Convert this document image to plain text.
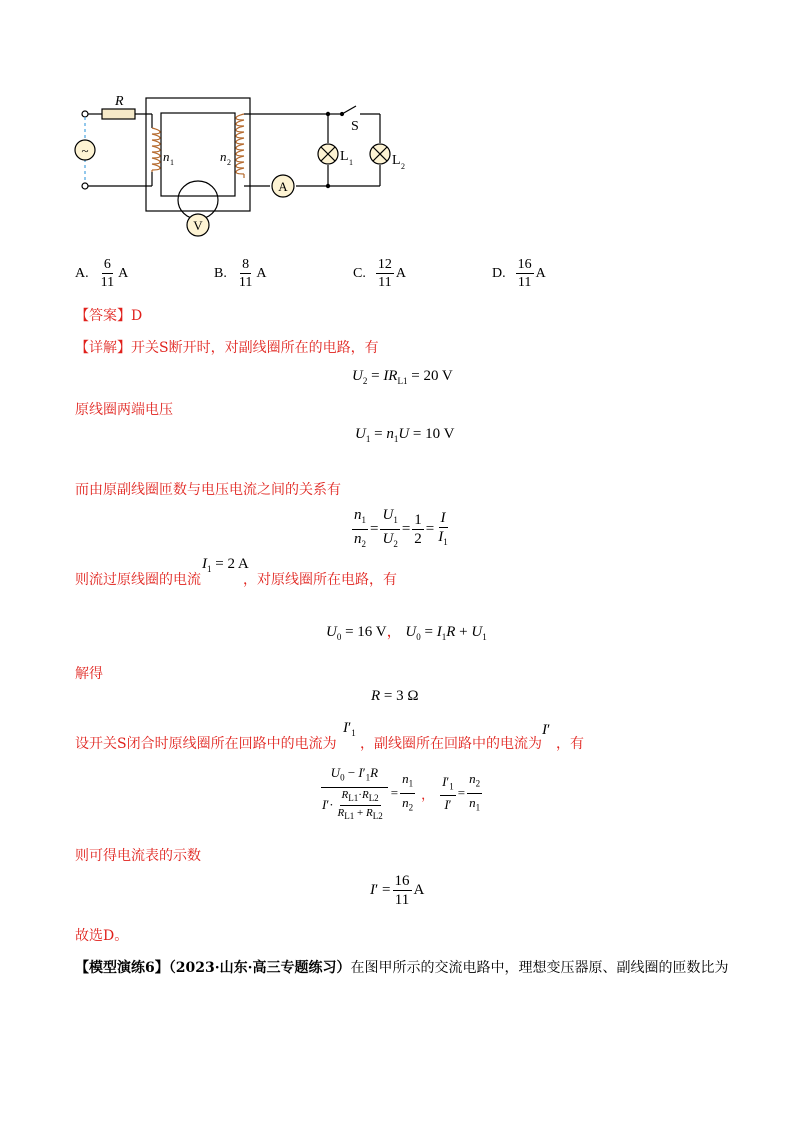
~
A
V
R
S
n 1	n 2	L 1	L 2
A. $\frac{6}{11}$ A	B. $\frac{8}{11}$ A	C. $\frac{12}{11}$ A	D. $\frac{16}{11}$ A
【答案】D
【详解】开关S断开时，对副线圈所在的电路，有
$U_2 = IR_{L1} = 20$ V
原线圈两端电压
$U_1 = n_1U = 10$ V
而由原副线圈匝数与电压电流之间的关系有
$\frac{n_1}{n_2} = \frac{U_1}{U_2} = \frac{1}{2} = \frac{I}{I_1}$
则流过原线圈的电流
$I_1 = 2$ A
，对原线圈所在电路，有
$U_0 = 16$ V， $U_0 = I_1R + U_1$
解得
R = 3 Ω
设开关S闭合时原线圈所在回路中的电流为
$I'_1$
，副线圈所在回路中的电流为
I′
，有
$\frac{U_0 - I'_1R}{I '\cdot \frac{R_{L1}\cdot R_{L2}}{R_{L1} + R_{L2}}} = \frac{n_1}{n_2}$ ， $\frac{I'_1}{I'} = \frac{n_2}{n_1}$
则可得电流表的示数
I ′ = $\frac{16}{11}$ A
故选D。
【模型演练6】（2023·山东·高三专题练习）在图甲所示的交流电路中，理想变压器原、副线圈的匝数比为
